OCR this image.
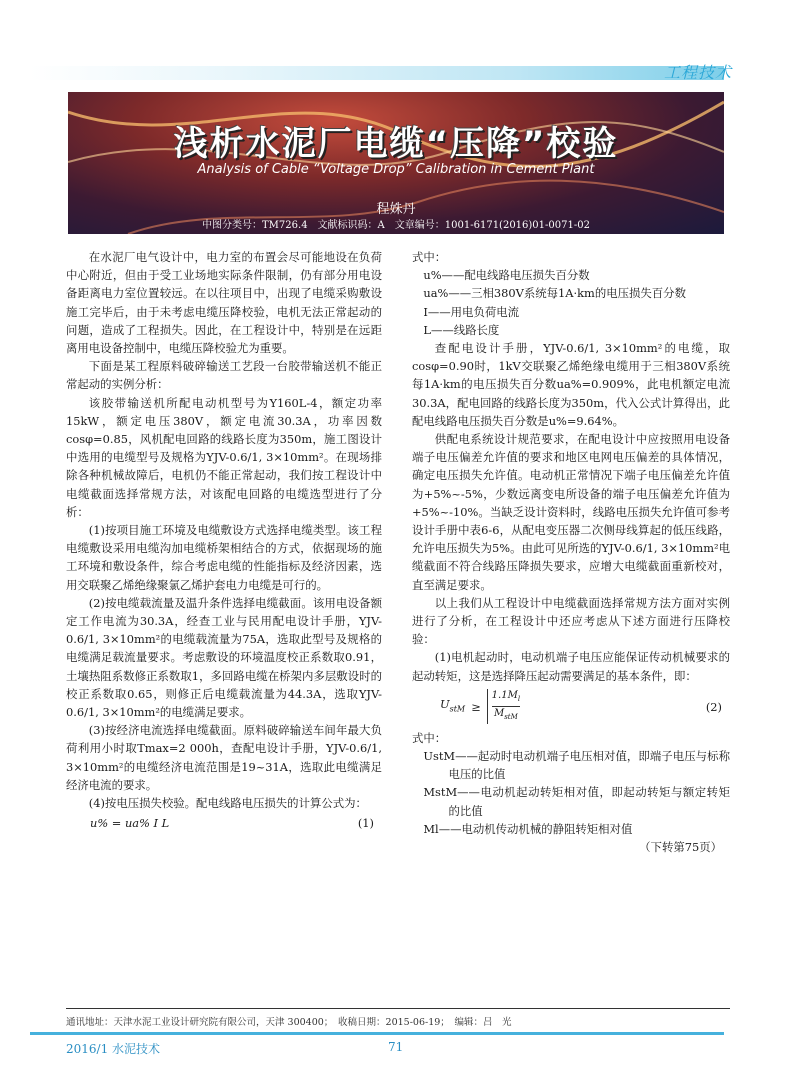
工程技术
浅析水泥厂电缆“压降”校验
Analysis of Cable “Voltage Drop” Calibration in Cement Plant
程姝丹
中图分类号：TM726.4　文献标识码：A　文章编号：1001-6171(2016)01-0071-02

在水泥厂电气设计中，电力室的布置会尽可能地设在负荷中心附近，但由于受工业场地实际条件限制，仍有部分用电设备距离电力室位置较远。在以往项目中，出现了电缆采购敷设施工完毕后，由于未考虑电缆压降校验，电机无法正常起动的问题，造成了工程损失。因此，在工程设计中，特别是在远距离用电设备控制中，电缆压降校验尤为重要。

下面是某工程原料破碎输送工艺段一台胶带输送机不能正常起动的实例分析：

该胶带输送机所配电动机型号为Y160L-4，额定功率15kW，额定电压380V，额定电流30.3A，功率因数cosφ=0.85，风机配电回路的线路长度为350m，施工图设计中选用的电缆型号及规格为YJV-0.6/1, 3×10mm²。在现场排除各种机械故障后，电机仍不能正常起动，我们按工程设计中电缆截面选择常规方法，对该配电回路的电缆选型进行了分析：

(1)按项目施工环境及电缆敷设方式选择电缆类型。该工程电缆敷设采用电缆沟加电缆桥架相结合的方式，依据现场的施工环境和敷设条件，综合考虑电缆的性能指标及经济因素，选用交联聚乙烯绝缘聚氯乙烯护套电力电缆是可行的。

(2)按电缆载流量及温升条件选择电缆截面。该用电设备额定工作电流为30.3A，经查工业与民用配电设计手册，YJV-0.6/1, 3×10mm²的电缆载流量为75A，选取此型号及规格的电缆满足载流量要求。考虑敷设的环境温度校正系数取0.91，土壤热阻系数修正系数取1，多回路电缆在桥架内多层敷设时的校正系数取0.65，则修正后电缆载流量为44.3A，选取YJV-0.6/1, 3×10mm²的电缆满足要求。

(3)按经济电流选择电缆截面。原料破碎输送车间年最大负荷利用小时取Tmax=2 000h，查配电设计手册，YJV-0.6/1, 3×10mm²的电缆经济电流范围是19~31A，选取此电缆满足经济电流的要求。

(4)按电压损失校验。配电线路电压损失的计算公式为：

u% = ua% I L	(1)

式中：

u%——配电线路电压损失百分数

ua%——三相380V系统每1A·km的电压损失百分数

I——用电负荷电流

L——线路长度

查配电设计手册，YJV-0.6/1, 3×10mm²的电缆，取cosφ=0.90时，1kV交联聚乙烯绝缘电缆用于三相380V系统每1A·km的电压损失百分数ua%=0.909%，此电机额定电流30.3A，配电回路的线路长度为350m，代入公式计算得出，此配电线路电压损失百分数是u%=9.64%。

供配电系统设计规范要求，在配电设计中应按照用电设备端子电压偏差允许值的要求和地区电网电压偏差的具体情况，确定电压损失允许值。电动机正常情况下端子电压偏差允许值为+5%~-5%，少数远离变电所设备的端子电压偏差允许值为+5%~-10%。当缺乏设计资料时，线路电压损失允许值可参考设计手册中表6-6，从配电变压器二次侧母线算起的低压线路，允许电压损失为5%。由此可见所选的YJV-0.6/1, 3×10mm²电缆截面不符合线路压降损失要求，应增大电缆截面重新校对，直至满足要求。

以上我们从工程设计中电缆截面选择常规方法方面对实例进行了分析，在工程设计中还应考虑从下述方面进行压降校验：

(1)电机起动时，电动机端子电压应能保证传动机械要求的起动转矩，这是选择降压起动需要满足的基本条件，即：

$U_{stM} \ge \frac{1.1M_l}{M_{stM}}$	(2)

式中：

UstM——起动时电动机端子电压相对值，即端子电压与标称电压的比值

MstM——电动机起动转矩相对值，即起动转矩与额定转矩的比值

Ml——电动机传动机械的静阻转矩相对值

（下转第75页）

通讯地址：天津水泥工业设计研究院有限公司，天津 300400；　收稿日期：2015-06-19；　编辑：吕　光
2016/1 水泥技术	71
